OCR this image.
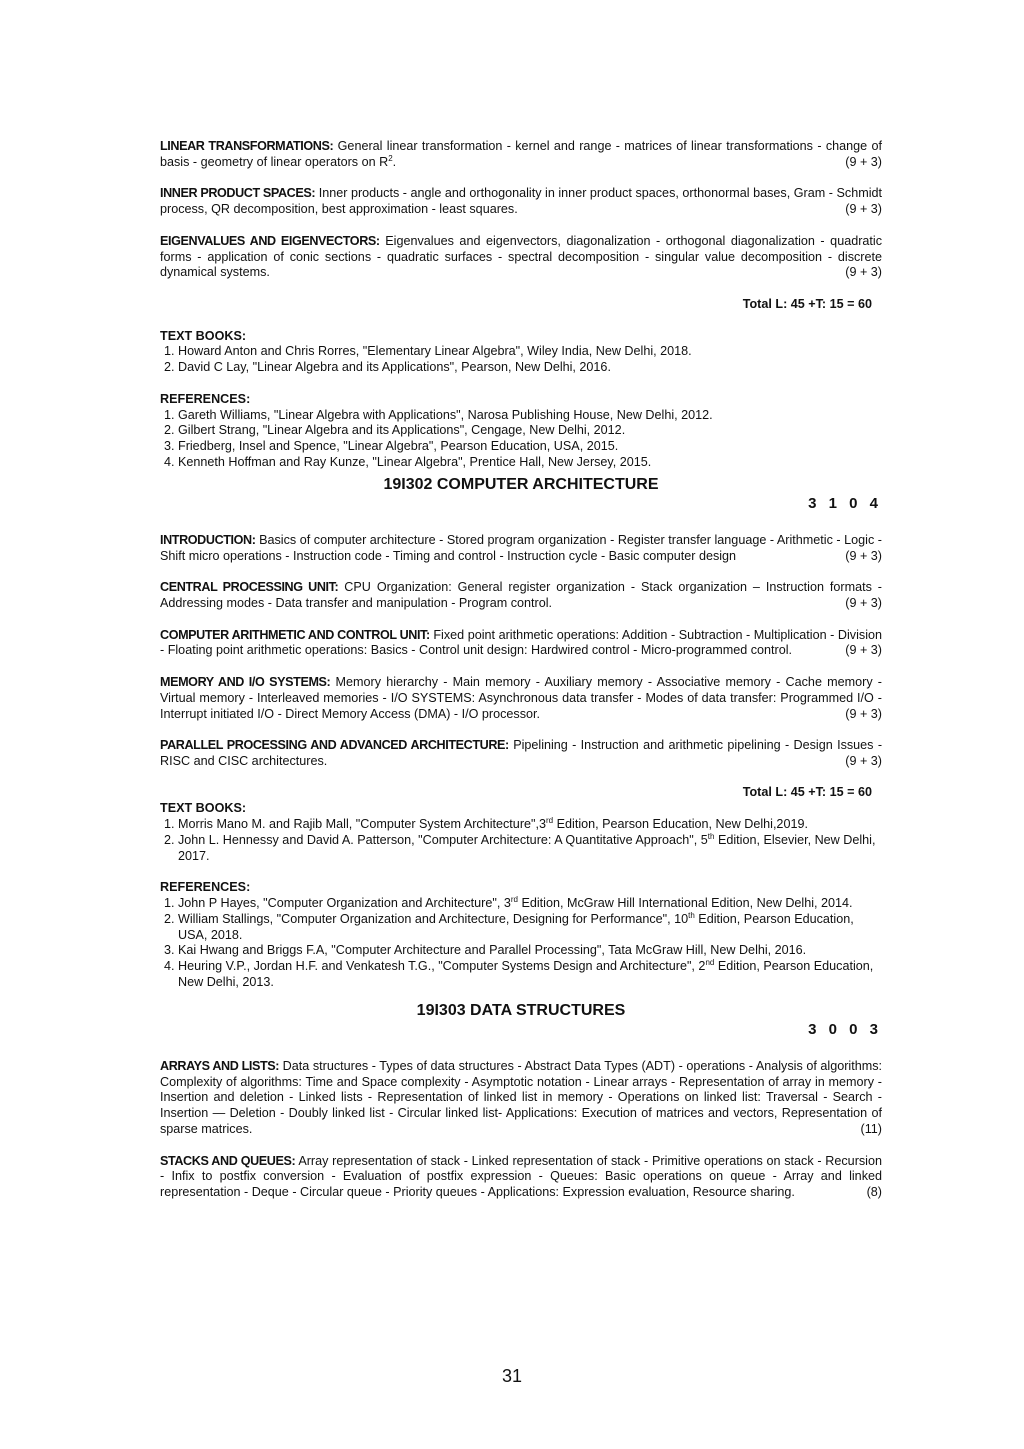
LINEAR TRANSFORMATIONS: General linear transformation - kernel and range - matrices of linear transformations - change of basis - geometry of linear operators on $R^2$.	(9 + 3)

INNER PRODUCT SPACES: Inner products - angle and orthogonality in inner product spaces, orthonormal bases, Gram - Schmidt process, QR decomposition, best approximation - least squares.	(9 + 3)

EIGENVALUES AND EIGENVECTORS: Eigenvalues and eigenvectors, diagonalization - orthogonal diagonalization - quadratic forms - application of conic sections - quadratic surfaces - spectral decomposition - singular value decomposition - discrete dynamical systems.	(9 + 3)

Total L: 45 +T: 15 = 60

TEXT BOOKS:

1. Howard Anton and Chris Rorres, "Elementary Linear Algebra", Wiley India, New Delhi, 2018.
2. David C Lay, "Linear Algebra and its Applications", Pearson, New Delhi, 2016.

REFERENCES:

1. Gareth Williams, "Linear Algebra with Applications", Narosa Publishing House, New Delhi, 2012.
2. Gilbert Strang, "Linear Algebra and its Applications", Cengage, New Delhi, 2012.
3. Friedberg, Insel and Spence, "Linear Algebra", Pearson Education, USA, 2015.
4. Kenneth Hoffman and Ray Kunze, "Linear Algebra", Prentice Hall, New Jersey, 2015.

19I302 COMPUTER ARCHITECTURE

3 1 0 4

INTRODUCTION: Basics of computer architecture - Stored program organization - Register transfer language - Arithmetic - Logic - Shift micro operations - Instruction code - Timing and control - Instruction cycle - Basic computer design	(9 + 3)

CENTRAL PROCESSING UNIT: CPU Organization: General register organization - Stack organization – Instruction formats - Addressing modes - Data transfer and manipulation - Program control.	(9 + 3)

COMPUTER ARITHMETIC AND CONTROL UNIT: Fixed point arithmetic operations: Addition - Subtraction - Multiplication - Division - Floating point arithmetic operations: Basics - Control unit design: Hardwired control - Micro-programmed control.	(9 + 3)

MEMORY AND I/O SYSTEMS: Memory hierarchy - Main memory - Auxiliary memory - Associative memory - Cache memory - Virtual memory - Interleaved memories - I/O SYSTEMS: Asynchronous data transfer - Modes of data transfer: Programmed I/O - Interrupt initiated I/O - Direct Memory Access (DMA) - I/O processor.	(9 + 3)

PARALLEL PROCESSING AND ADVANCED ARCHITECTURE: Pipelining - Instruction and arithmetic pipelining - Design Issues - RISC and CISC architectures.	(9 + 3)

Total L: 45 +T: 15 = 60

TEXT BOOKS:

1. Morris Mano M. and Rajib Mall, "Computer System Architecture",3rd Edition, Pearson Education, New Delhi,2019.
2. John L. Hennessy and David A. Patterson, "Computer Architecture: A Quantitative Approach", 5th Edition, Elsevier, New Delhi, 2017.

REFERENCES:

1. John P Hayes, "Computer Organization and Architecture", 3rd Edition, McGraw Hill International Edition, New Delhi, 2014.
2. William Stallings, "Computer Organization and Architecture, Designing for Performance", 10th Edition, Pearson Education, USA, 2018.
3. Kai Hwang and Briggs F.A, "Computer Architecture and Parallel Processing", Tata McGraw Hill, New Delhi, 2016.
4. Heuring V.P., Jordan H.F. and Venkatesh T.G., "Computer Systems Design and Architecture", 2nd Edition, Pearson Education, New Delhi, 2013.

19I303 DATA STRUCTURES

3 0 0 3

ARRAYS AND LISTS: Data structures - Types of data structures - Abstract Data Types (ADT) - operations - Analysis of algorithms: Complexity of algorithms: Time and Space complexity - Asymptotic notation - Linear arrays - Representation of array in memory - Insertion and deletion - Linked lists - Representation of linked list in memory - Operations on linked list: Traversal - Search - Insertion — Deletion - Doubly linked list - Circular linked list- Applications: Execution of matrices and vectors, Representation of sparse matrices.	(11)

STACKS AND QUEUES: Array representation of stack - Linked representation of stack - Primitive operations on stack - Recursion - Infix to postfix conversion - Evaluation of postfix expression - Queues: Basic operations on queue - Array and linked representation - Deque - Circular queue - Priority queues - Applications: Expression evaluation, Resource sharing.	(8)

31
